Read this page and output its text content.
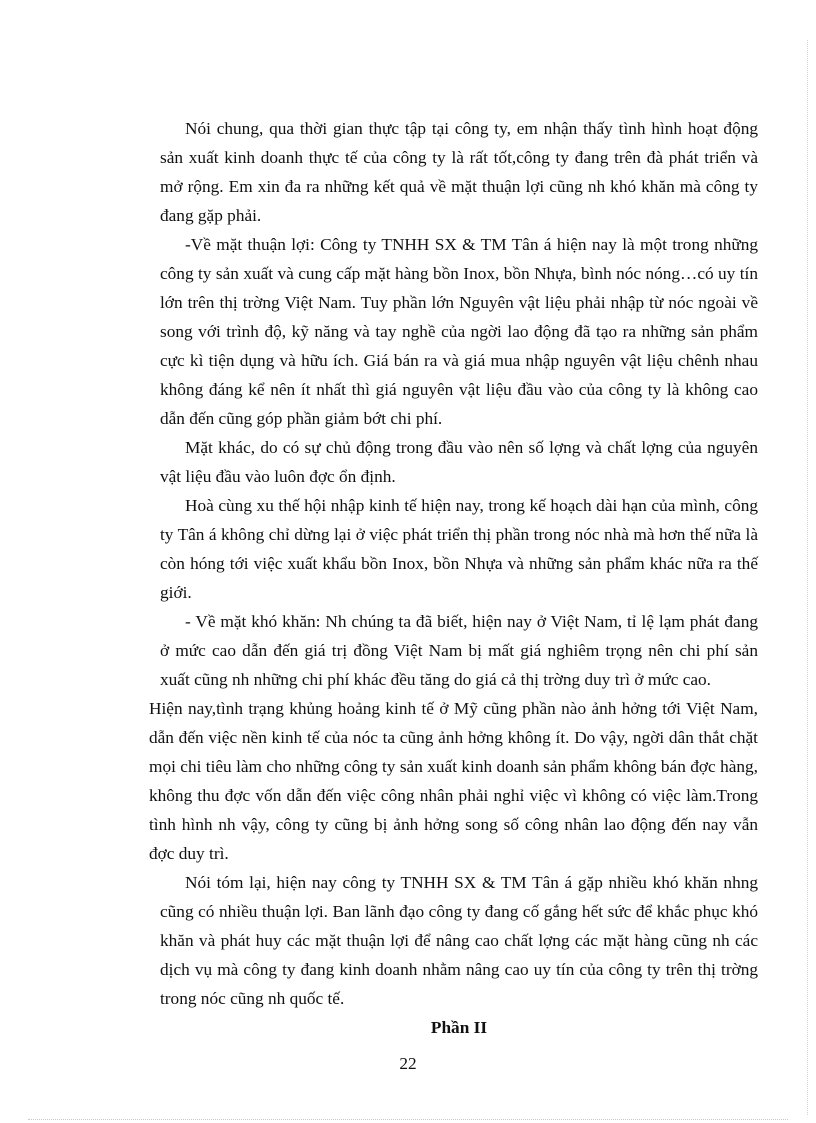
Nói chung, qua thời gian thực tập tại công ty, em nhận thấy tình hình hoạt động sản xuất kinh doanh thực tế của công ty là rất tốt,công ty đang trên đà phát triển và mở rộng. Em xin đa ra những kết quả về mặt thuận lợi cũng nh khó khăn mà công ty đang gặp phải.

-Về mặt thuận lợi: Công ty TNHH SX & TM Tân á hiện nay là một trong những công ty sản xuất và cung cấp mặt hàng bồn Inox, bồn Nhựa, bình nóc nóng…có uy tín lớn trên thị trờng Việt Nam. Tuy phần lớn Nguyên vật liệu phải nhập từ nóc ngoài về song với trình độ, kỹ năng và tay nghề của ngời lao động đã tạo ra những sản phẩm cực kì tiện dụng và hữu ích. Giá bán ra và giá mua nhập nguyên vật liệu chênh nhau không đáng kể nên ít nhất thì giá nguyên vật liệu đầu vào của công ty là không cao dẫn đến cũng góp phần giảm bớt chi phí.

Mặt khác, do có sự chủ động trong đầu vào nên số lợng và chất lợng của nguyên vật liệu đầu vào luôn đợc ổn định.

Hoà cùng xu thế hội nhập kinh tế hiện nay, trong kế hoạch dài hạn của mình, công ty Tân á không chỉ dừng lại ở việc phát triển thị phần trong nóc nhà mà hơn thế nữa là còn hóng tới việc xuất khẩu bồn Inox, bồn Nhựa và những sản phẩm khác nữa ra thế giới.

- Về mặt khó khăn: Nh chúng ta đã biết, hiện nay ở Việt Nam, tỉ lệ lạm phát đang ở mức cao dẫn đến giá trị đồng Việt Nam bị mất giá nghiêm trọng nên chi phí sản xuất cũng nh những chi phí khác đều tăng do giá cả thị trờng duy trì ở mức cao.

Hiện nay,tình trạng khủng hoảng kinh tế ở Mỹ cũng phần nào ảnh hởng tới Việt Nam, dẫn đến việc nền kinh tế của nóc ta cũng ảnh hởng không ít. Do vậy, ngời dân thắt chặt mọi chi tiêu làm cho những công ty sản xuất kinh doanh sản phẩm không bán đợc hàng, không thu đợc vốn dẫn đến việc công nhân phải nghỉ việc vì không có việc làm.Trong tình hình nh vậy, công ty cũng bị ảnh hởng song số công nhân lao động đến nay vẫn đợc duy trì.

Nói tóm lại, hiện nay công ty TNHH SX & TM Tân á gặp nhiều khó khăn nhng cũng có nhiều thuận lợi. Ban lãnh đạo công ty đang cố gắng hết sức để khắc phục khó khăn và phát huy các mặt thuận lợi để nâng cao chất lợng các mặt hàng cũng nh các dịch vụ mà công ty đang kinh doanh nhằm nâng cao uy tín của công ty trên thị trờng trong nóc cũng nh quốc tế.

Phần II

22
